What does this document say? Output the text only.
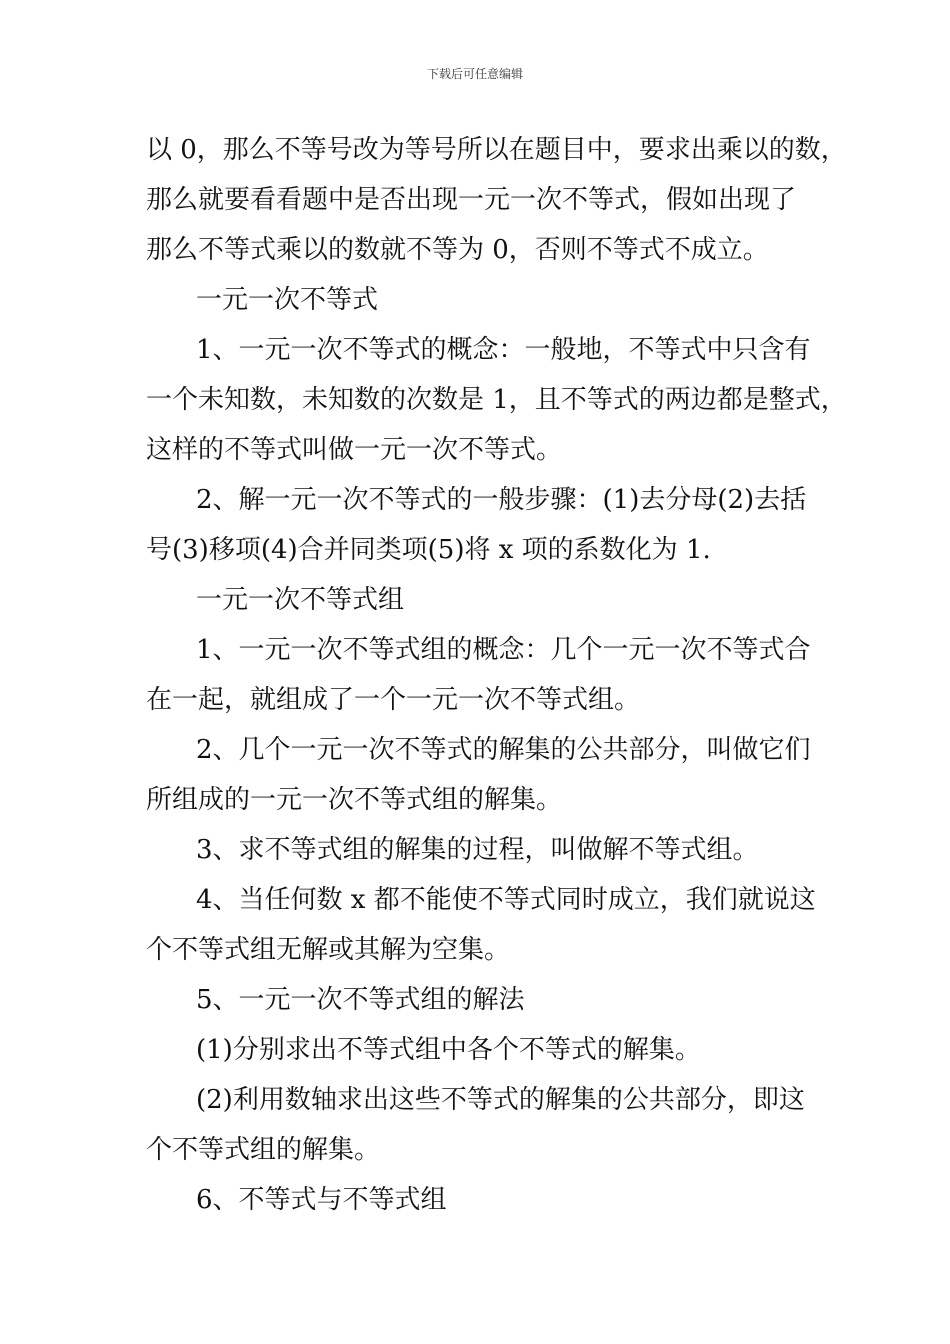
下载后可任意编辑
以 0，那么不等号改为等号所以在题目中，要求出乘以的数，
那么就要看看题中是否出现一元一次不等式，假如出现了
那么不等式乘以的数就不等为 0，否则不等式不成立。
一元一次不等式
1、一元一次不等式的概念：一般地，不等式中只含有
一个未知数，未知数的次数是 1，且不等式的两边都是整式，
这样的不等式叫做一元一次不等式。
2、解一元一次不等式的一般步骤：(1)去分母(2)去括
号(3)移项(4)合并同类项(5)将 x 项的系数化为 1.
一元一次不等式组
1、一元一次不等式组的概念：几个一元一次不等式合
在一起，就组成了一个一元一次不等式组。
2、几个一元一次不等式的解集的公共部分，叫做它们
所组成的一元一次不等式组的解集。
3、求不等式组的解集的过程，叫做解不等式组。
4、当任何数 x 都不能使不等式同时成立，我们就说这
个不等式组无解或其解为空集。
5、一元一次不等式组的解法
(1)分别求出不等式组中各个不等式的解集。
(2)利用数轴求出这些不等式的解集的公共部分，即这
个不等式组的解集。
6、不等式与不等式组
